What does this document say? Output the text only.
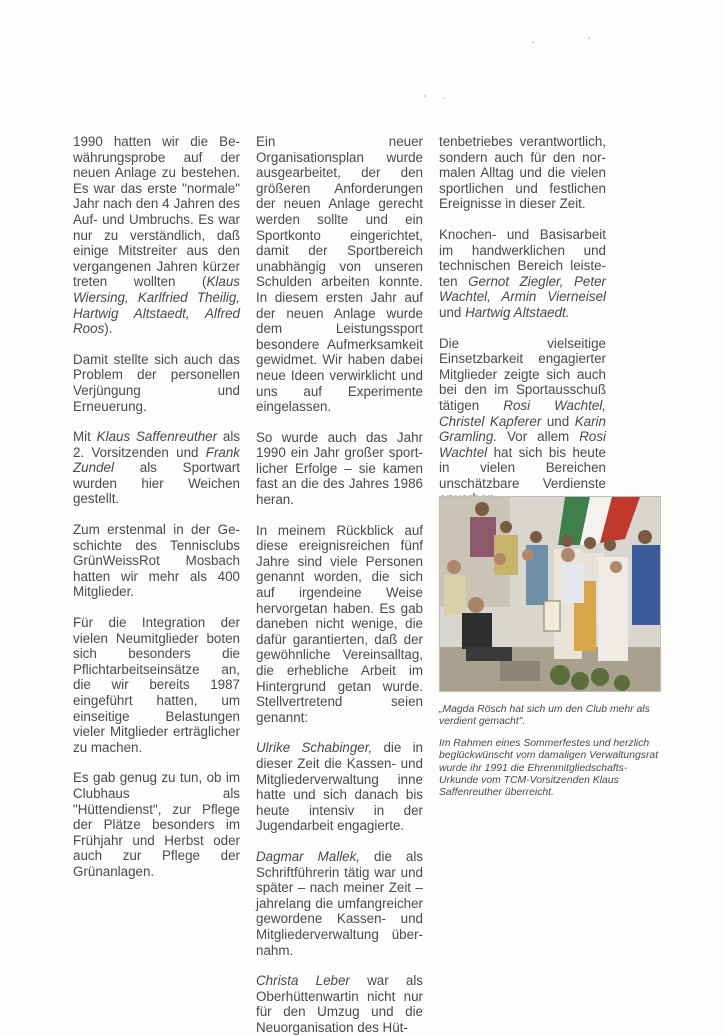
1990 hatten wir die Bewährungsprobe auf der neuen Anlage zu bestehen. Es war das erste "normale" Jahr nach den 4 Jahren des Auf- und Umbruchs. Es war nur zu verständlich, daß einige Mitstreiter aus den vergangenen Jahren kürzer treten wollten (Klaus Wiersing, Karlfried Theilig, Hartwig Altstaedt, Alfred Roos).

Damit stellte sich auch das Problem der personellen Verjüngung und Erneuerung.

Mit Klaus Saffenreuther als 2. Vorsitzenden und Frank Zundel als Sportwart wurden hier Weichen gestellt.

Zum erstenmal in der Geschichte des Tennisclubs GrünWeissRot Mosbach hatten wir mehr als 400 Mitglieder.

Für die Integration der vielen Neumitglieder boten sich besonders die Pflichtarbeitseinsätze an, die wir bereits 1987 eingeführt hatten, um einseitige Belastungen vieler Mitglieder erträglicher zu machen.

Es gab genug zu tun, ob im Clubhaus als "Hüttendienst", zur Pflege der Plätze besonders im Frühjahr und Herbst oder auch zur Pflege der Grünanlagen.

Ein neuer Organisationsplan wurde ausgearbeitet, der den größeren Anforderungen der neuen Anlage gerecht werden sollte und ein Sportkonto eingerichtet, damit der Sportbereich unabhängig von unseren Schulden arbeiten konnte. In diesem ersten Jahr auf der neuen Anlage wurde dem Leistungssport besondere Aufmerksamkeit gewidmet. Wir haben dabei neue Ideen verwirklicht und uns auf Experimente eingelassen.

So wurde auch das Jahr 1990 ein Jahr großer sportlicher Erfolge – sie kamen fast an die des Jahres 1986 heran.

In meinem Rückblick auf diese ereignisreichen fünf Jahre sind viele Personen genannt worden, die sich auf irgendeine Weise hervorgetan haben. Es gab daneben nicht wenige, die dafür garantierten, daß der gewöhnliche Vereinsalltag, die erhebliche Arbeit im Hintergrund getan wurde. Stellvertretend seien genannt:

Ulrike Schabinger, die in dieser Zeit die Kassen- und Mitgliederverwaltung inne hatte und sich danach bis heute intensiv in der Jugendarbeit engagierte.

Dagmar Mallek, die als Schriftführerin tätig war und später – nach meiner Zeit – jahrelang die umfangreicher gewordene Kassen- und Mitgliederverwaltung übernahm.

Christa Leber war als Oberhüttenwartin nicht nur für den Umzug und die Neuorganisation des Hüt-

tenbetriebes verantwortlich, sondern auch für den normalen Alltag und die vielen sportlichen und festlichen Ereignisse in dieser Zeit.

Knochen- und Basisarbeit im handwerklichen und technischen Bereich leisteten Gernot Ziegler, Peter Wachtel, Armin Vierneisel und Hartwig Altstaedt.

Die vielseitige Einsetzbarkeit engagierter Mitglieder zeigte sich auch bei den im Sportausschuß tätigen Rosi Wachtel, Christel Kapferer und Karin Gramling. Vor allem Rosi Wachtel hat sich bis heute in vielen Bereichen unschätzbare Verdienste

„Magda Rösch hat sich um den Club mehr als verdient gemacht".

Im Rahmen eines Sommerfestes und herzlich beglückwünscht vom damaligen Verwaltungsrat wurde ihr 1991 die Ehrenmitgliedschafts-Urkunde vom TCM-Vorsitzenden Klaus Saffenreuther überreicht.
